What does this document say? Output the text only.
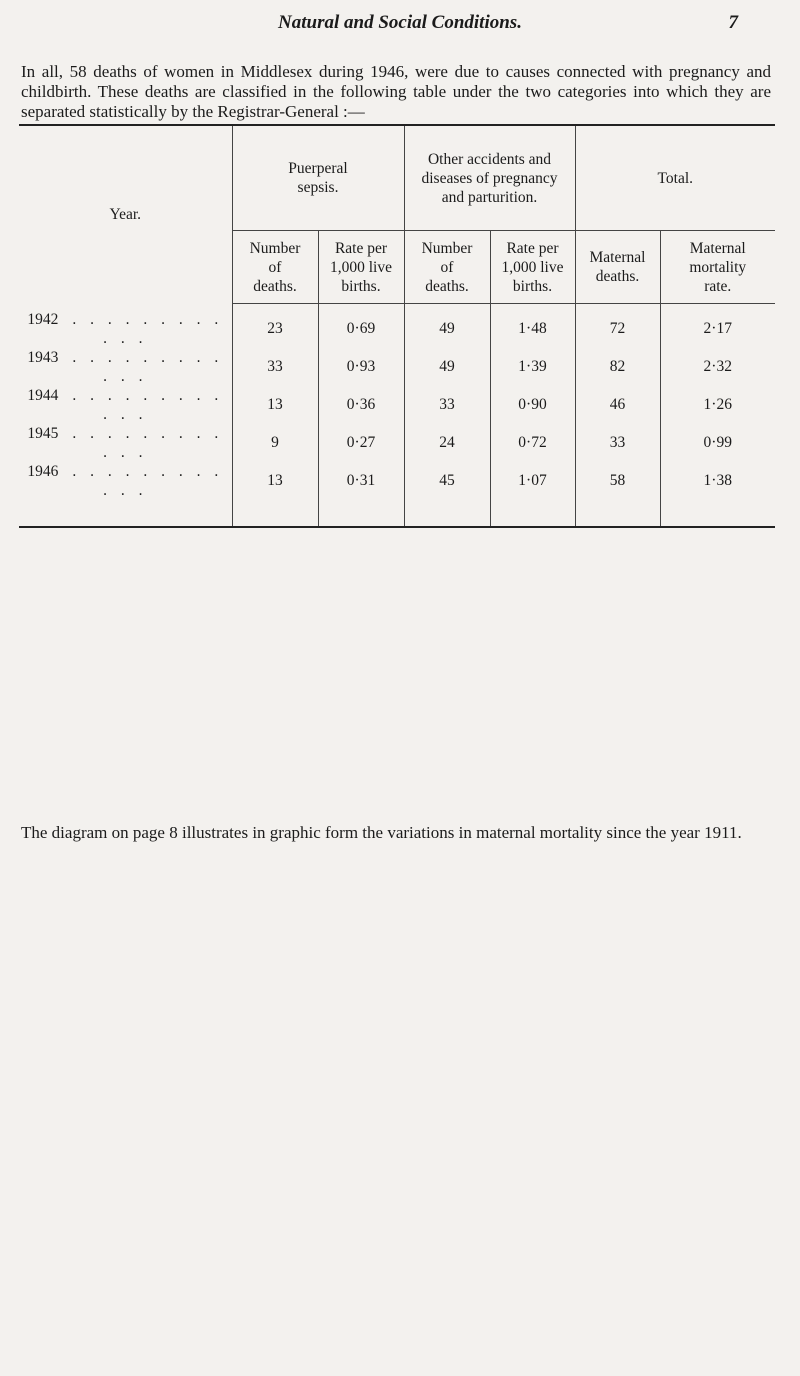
Natural and Social Conditions.	7

In all, 58 deaths of women in Middlesex during 1946, were due to causes connected with pregnancy and childbirth. These deaths are classified in the following table under the two categories into which they are separated statistically by the Registrar-General :—

Year.	Puerperal sepsis.		Other accidents and diseases of pregnancy and parturition.		Total.	

	Number of deaths.	Rate per 1,000 live births.	Number of deaths.	Rate per 1,000 live births.	Maternal deaths.	Maternal mortality rate.

1942 . . . . . . . . . . . .	23	0·69	49	1·48	72	2·17
1943 . . . . . . . . . . . .	33	0·93	49	1·39	82	2·32
1944 . . . . . . . . . . . .	13	0·36	33	0·90	46	1·26
1945 . . . . . . . . . . . .	9	0·27	24	0·72	33	0·99
1946 . . . . . . . . . . . .	13	0·31	45	1·07	58	1·38

The diagram on page 8 illustrates in graphic form the variations in maternal mortality since the year 1911.
